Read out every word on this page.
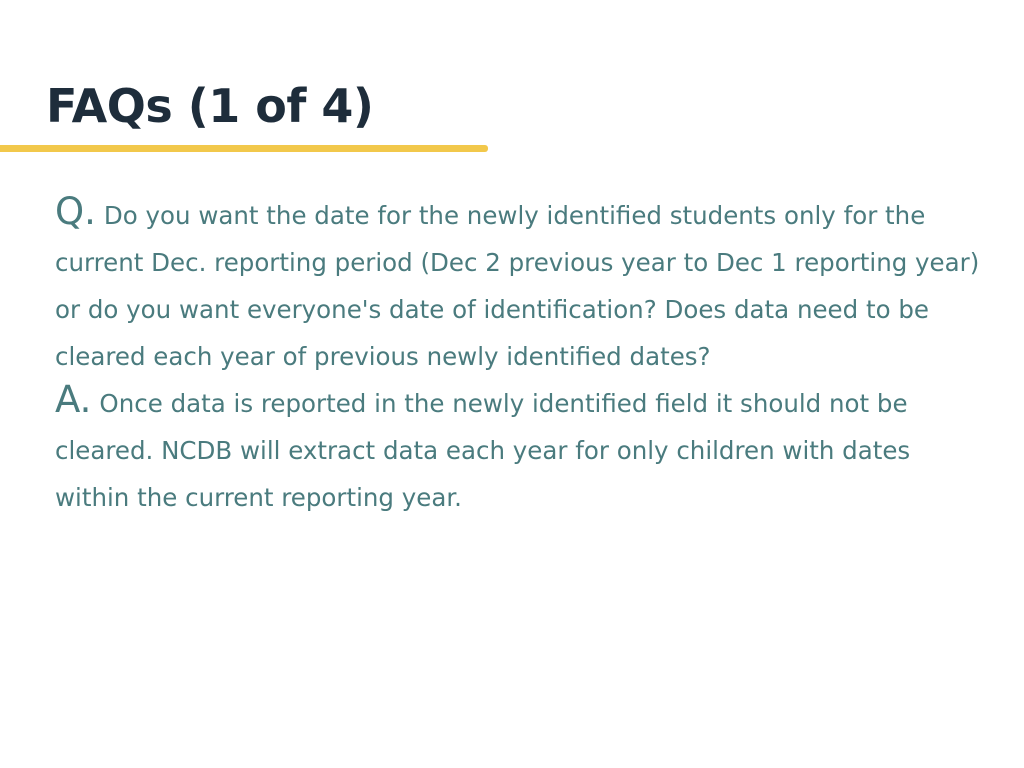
FAQs (1 of 4)

Q. Do you want the date for the newly identified students only for the current Dec. reporting period (Dec 2 previous year to Dec 1 reporting year) or do you want everyone's date of identification? Does data need to be cleared each year of previous newly identified dates?

A. Once data is reported in the newly identified field it should not be cleared. NCDB will extract data each year for only children with dates within the current reporting year.
